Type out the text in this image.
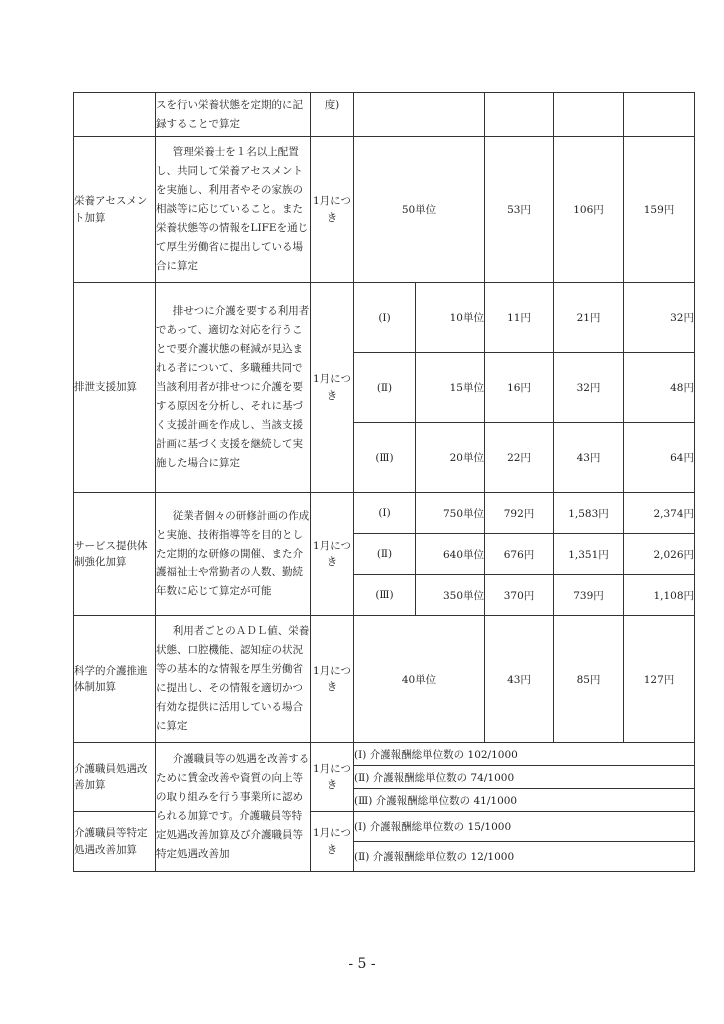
	スを行い栄養状態を定期的に記録することで算定	度)					
栄養アセスメント加算	管理栄養士を１名以上配置し、共同して栄養アセスメントを実施し、利用者やその家族の相談等に応じていること。また栄養状態等の情報をLIFEを通じて厚生労働省に提出している場合に算定	1月につき	50単位		53円	106円	159円
排泄支援加算	排せつに介護を要する利用者であって、適切な対応を行うことで要介護状態の軽減が見込まれる者について、多職種共同で当該利用者が排せつに介護を要する原因を分析し、それに基づく支援計画を作成し、当該支援計画に基づく支援を継続して実施した場合に算定	1月につき	(Ⅰ)	10単位	11円	21円	32円
			(Ⅱ)	15単位	16円	32円	48円
			(Ⅲ)	20単位	22円	43円	64円
サービス提供体制強化加算	従業者個々の研修計画の作成と実施、技術指導等を目的とした定期的な研修の開催、また介護福祉士や常勤者の人数、勤続年数に応じて算定が可能	1月につき	(Ⅰ)	750単位	792円	1,583円	2,374円
			(Ⅱ)	640単位	676円	1,351円	2,026円
			(Ⅲ)	350単位	370円	739円	1,108円
科学的介護推進体制加算	利用者ごとのＡＤＬ値、栄養状態、口腔機能、認知症の状況等の基本的な情報を厚生労働省に提出し、その情報を適切かつ有効な提供に活用している場合に算定	1月につき	40単位		43円	85円	127円
介護職員処遇改善加算	介護職員等の処遇を改善するために賃金改善や資質の向上等の取り組みを行う事業所に認められる加算です。介護職員等特定処遇改善加算及び介護職員等特定処遇改善加	1月につき	(Ⅰ) 介護報酬総単位数の 102/1000				
			(Ⅱ) 介護報酬総単位数の 74/1000				
			(Ⅲ) 介護報酬総単位数の 41/1000				
介護職員等特定処遇改善加算		1月につき	(Ⅰ) 介護報酬総単位数の 15/1000				
			(Ⅱ) 介護報酬総単位数の 12/1000				
- 5 -
